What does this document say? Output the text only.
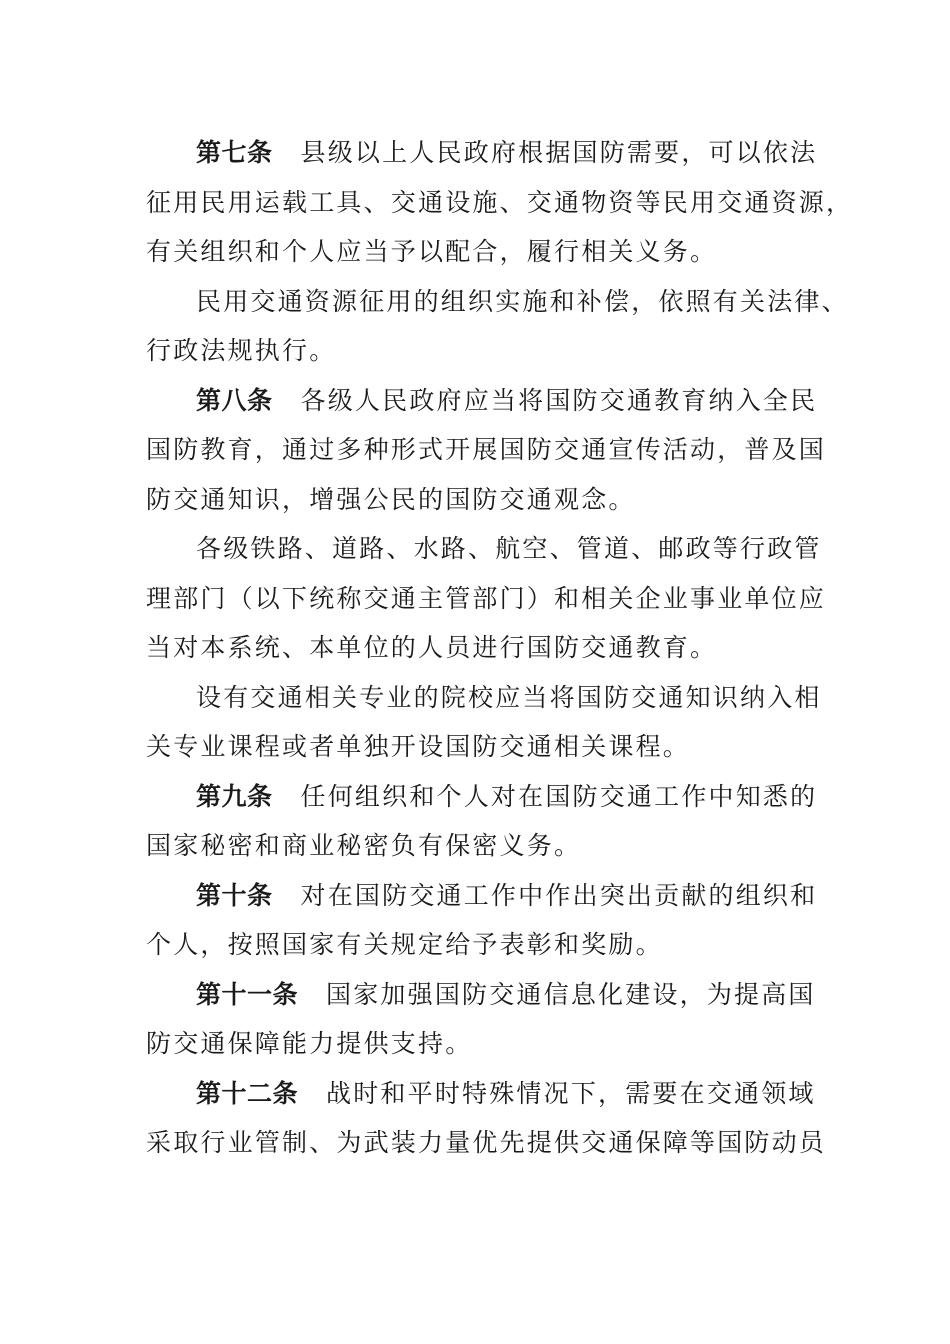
第七条 县级以上人民政府根据国防需要，可以依法
征用民用运载工具、交通设施、交通物资等民用交通资源，
有关组织和个人应当予以配合，履行相关义务。
民用交通资源征用的组织实施和补偿，依照有关法律、
行政法规执行。
第八条 各级人民政府应当将国防交通教育纳入全民
国防教育，通过多种形式开展国防交通宣传活动，普及国
防交通知识，增强公民的国防交通观念。
各级铁路、道路、水路、航空、管道、邮政等行政管
理部门（以下统称交通主管部门）和相关企业事业单位应
当对本系统、本单位的人员进行国防交通教育。
设有交通相关专业的院校应当将国防交通知识纳入相
关专业课程或者单独开设国防交通相关课程。
第九条 任何组织和个人对在国防交通工作中知悉的
国家秘密和商业秘密负有保密义务。
第十条 对在国防交通工作中作出突出贡献的组织和
个人，按照国家有关规定给予表彰和奖励。
第十一条 国家加强国防交通信息化建设，为提高国
防交通保障能力提供支持。
第十二条 战时和平时特殊情况下，需要在交通领域
采取行业管制、为武装力量优先提供交通保障等国防动员
